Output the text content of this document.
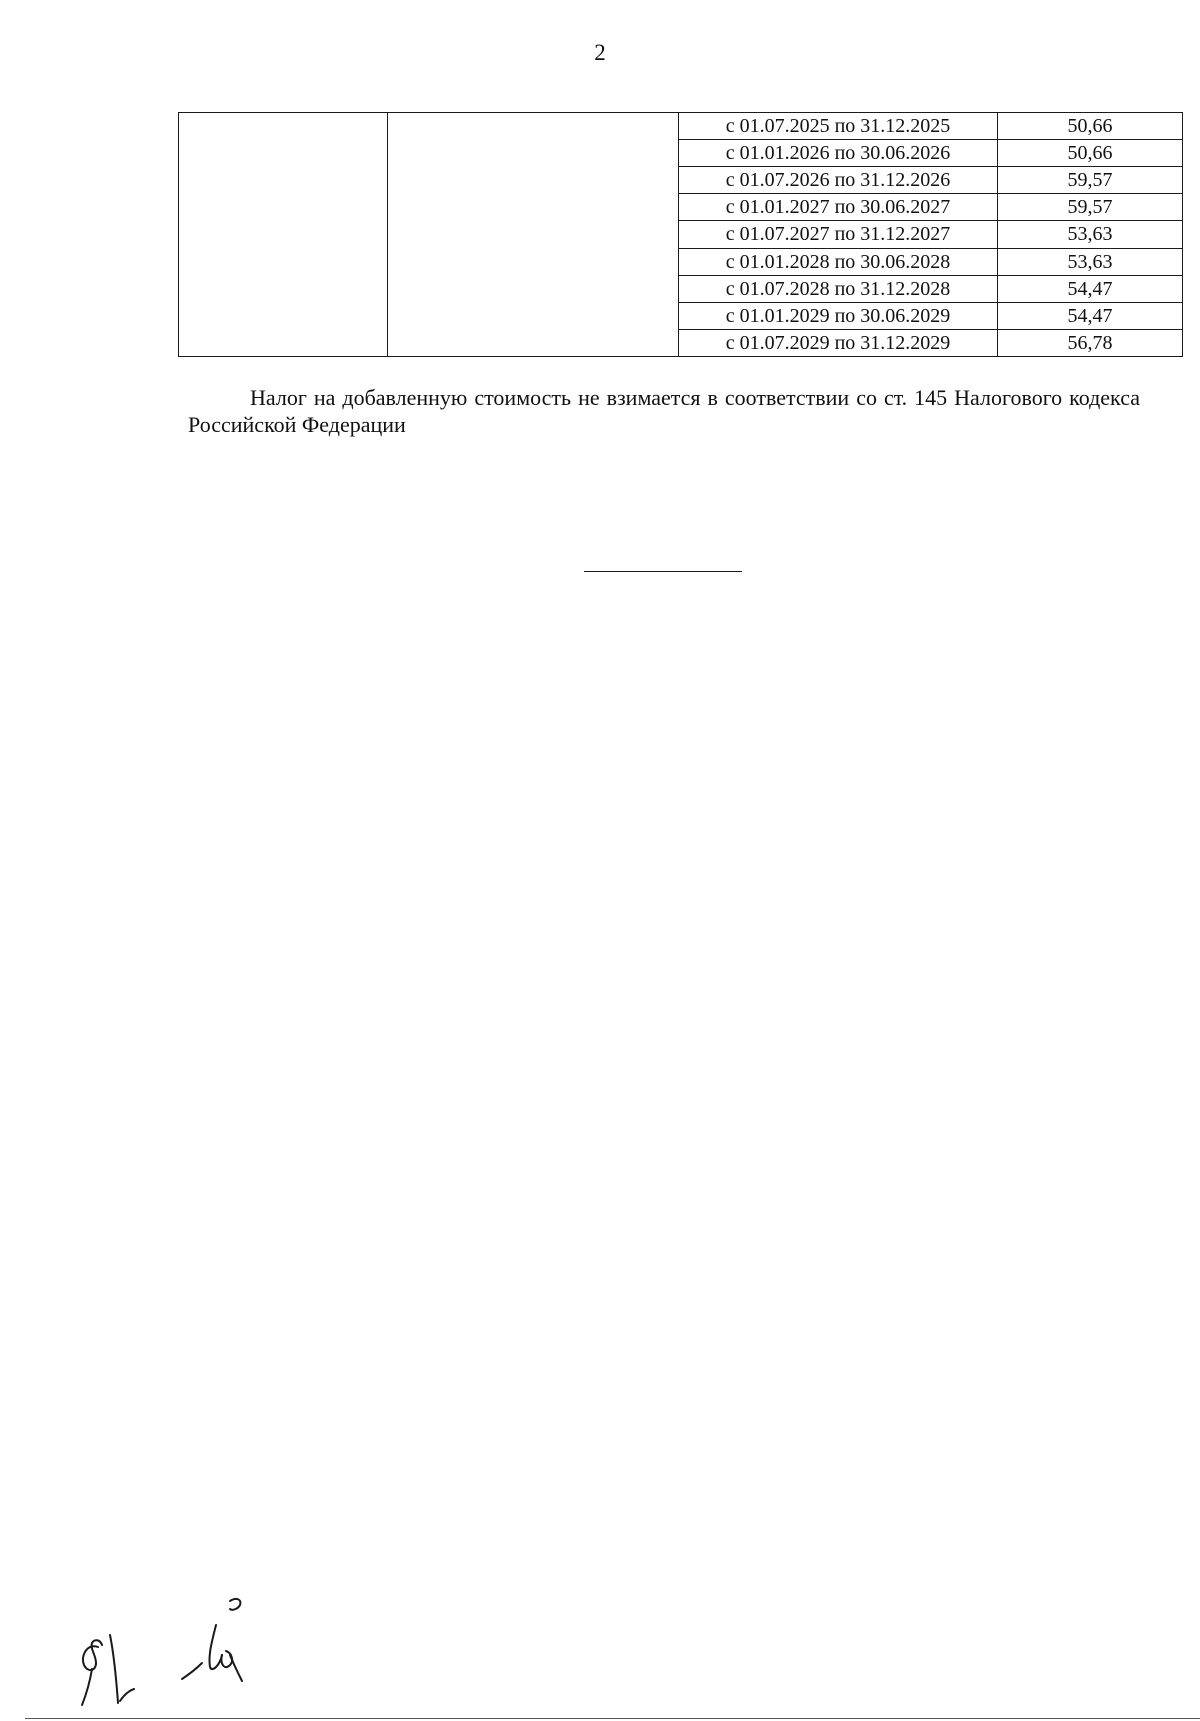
2
		с 01.07.2025 по 31.12.2025	50,66
		с 01.01.2026 по 30.06.2026	50,66
		с 01.07.2026 по 31.12.2026	59,57
		с 01.01.2027 по 30.06.2027	59,57
		с 01.07.2027 по 31.12.2027	53,63
		с 01.01.2028 по 30.06.2028	53,63
		с 01.07.2028 по 31.12.2028	54,47
		с 01.01.2029 по 30.06.2029	54,47
		с 01.07.2029 по 31.12.2029	56,78

Налог на добавленную стоимость не взимается в соответствии со ст. 145 Налогового кодекса Российской Федерации
